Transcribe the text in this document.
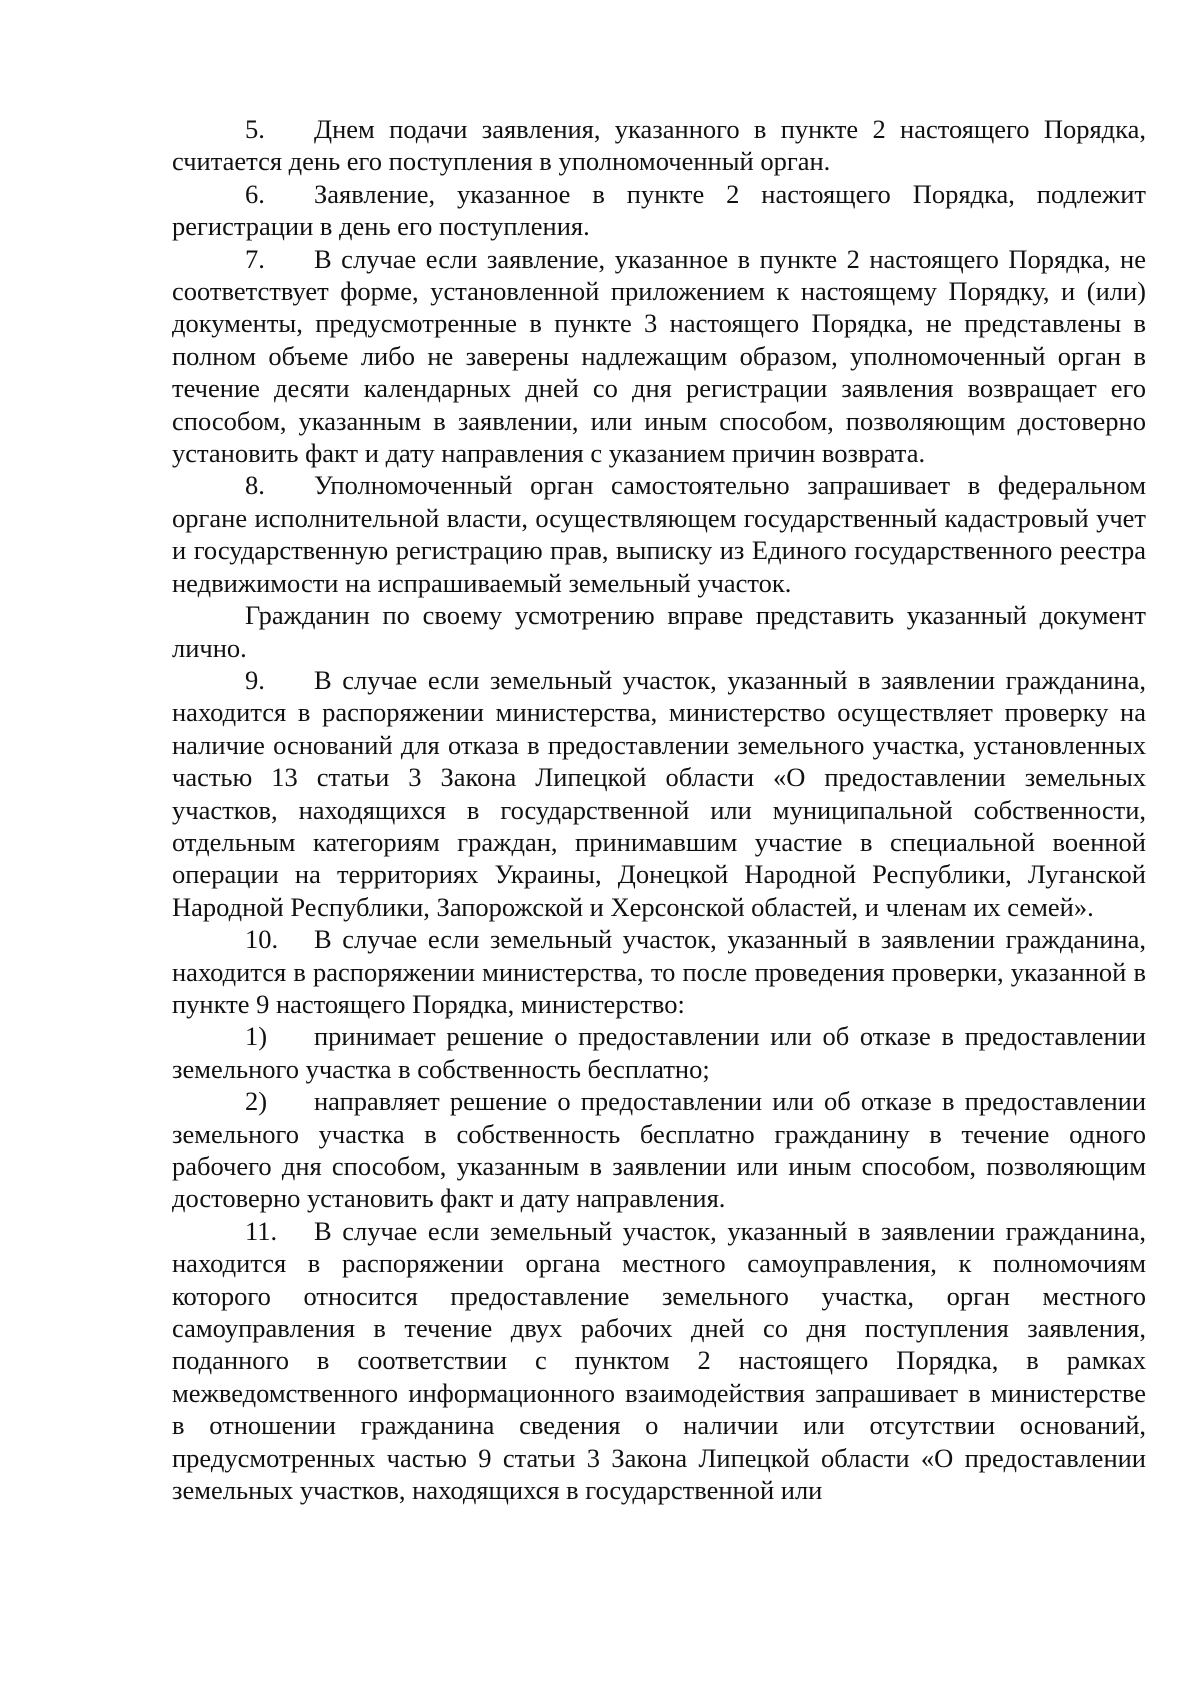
5. Днем подачи заявления, указанного в пункте 2 настоящего Порядка, считается день его поступления в уполномоченный орган.

6. Заявление, указанное в пункте 2 настоящего Порядка, подлежит регистрации в день его поступления.

7. В случае если заявление, указанное в пункте 2 настоящего Порядка, не соответствует форме, установленной приложением к настоящему Порядку, и (или) документы, предусмотренные в пункте 3 настоящего Порядка, не представлены в полном объеме либо не заверены надлежащим образом, уполномоченный орган в течение десяти календарных дней со дня регистрации заявления возвращает его способом, указанным в заявлении, или иным способом, позволяющим достоверно установить факт и дату направления с указанием причин возврата.

8. Уполномоченный орган самостоятельно запрашивает в федеральном органе исполнительной власти, осуществляющем государственный кадастровый учет и государственную регистрацию прав, выписку из Единого государственного реестра недвижимости на испрашиваемый земельный участок.

Гражданин по своему усмотрению вправе представить указанный документ лично.

9. В случае если земельный участок, указанный в заявлении гражданина, находится в распоряжении министерства, министерство осуществляет проверку на наличие оснований для отказа в предоставлении земельного участка, установленных частью 13 статьи 3 Закона Липецкой области «О предоставлении земельных участков, находящихся в государственной или муниципальной собственности, отдельным категориям граждан, принимавшим участие в специальной военной операции на территориях Украины, Донецкой Народной Республики, Луганской Народной Республики, Запорожской и Херсонской областей, и членам их семей».

10. В случае если земельный участок, указанный в заявлении гражданина, находится в распоряжении министерства, то после проведения проверки, указанной в пункте 9 настоящего Порядка, министерство:

1) принимает решение о предоставлении или об отказе в предоставлении земельного участка в собственность бесплатно;

2) направляет решение о предоставлении или об отказе в предоставлении земельного участка в собственность бесплатно гражданину в течение одного рабочего дня способом, указанным в заявлении или иным способом, позволяющим достоверно установить факт и дату направления.

11. В случае если земельный участок, указанный в заявлении гражданина, находится в распоряжении органа местного самоуправления, к полномочиям которого относится предоставление земельного участка, орган местного самоуправления в течение двух рабочих дней со дня поступления заявления, поданного в соответствии с пунктом 2 настоящего Порядка, в рамках межведомственного информационного взаимодействия запрашивает в министерстве в отношении гражданина сведения о наличии или отсутствии оснований, предусмотренных частью 9 статьи 3 Закона Липецкой области «О предоставлении земельных участков, находящихся в государственной или
